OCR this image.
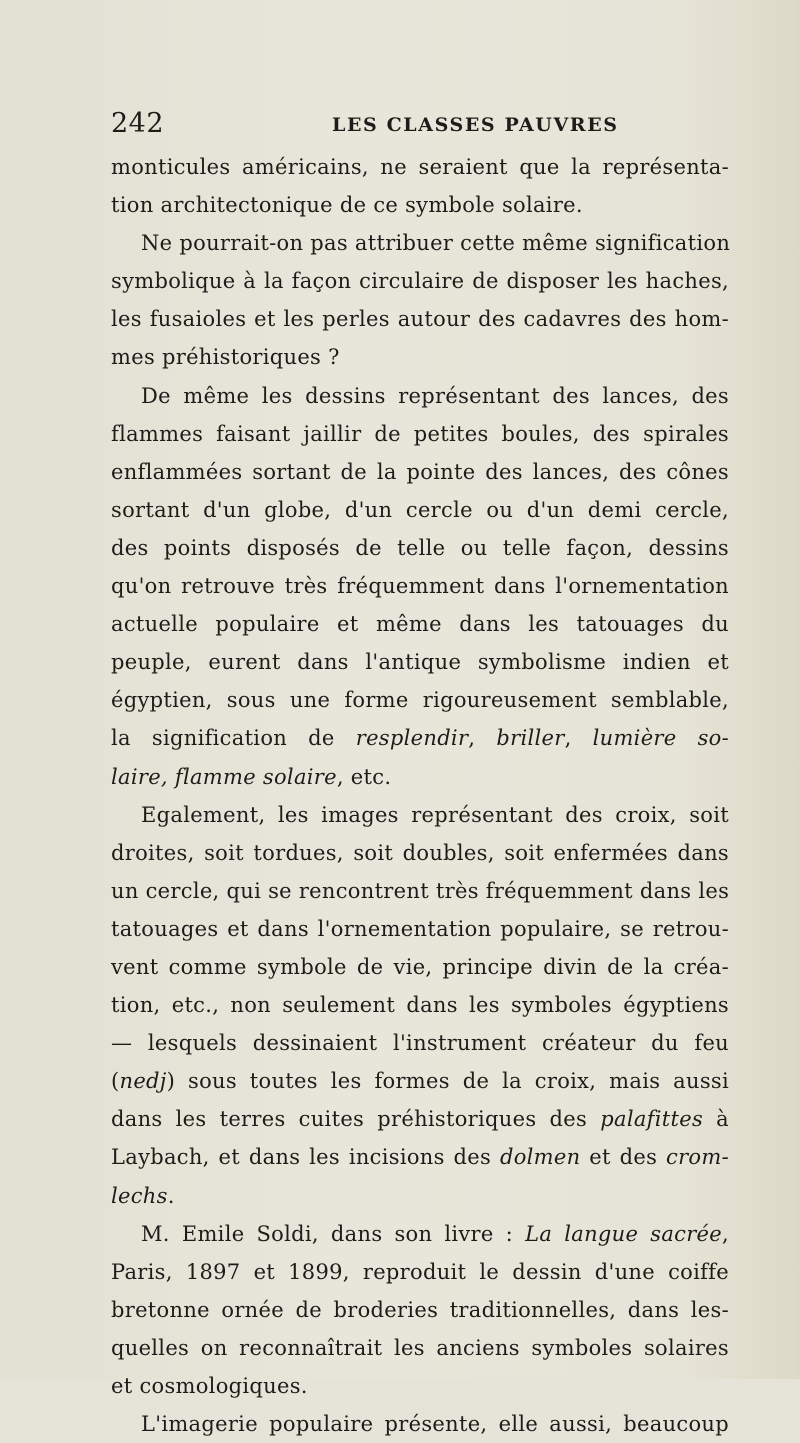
242	LES CLASSES PAUVRES
monticules américains, ne seraient que la représenta-
tion architectonique de ce symbole solaire.
Ne pourrait-on pas attribuer cette même signification
symbolique à la façon circulaire de disposer les haches,
les fusaioles et les perles autour des cadavres des hom-
mes préhistoriques ?
De même les dessins représentant des lances, des
flammes faisant jaillir de petites boules, des spirales
enflammées sortant de la pointe des lances, des cônes
sortant d'un globe, d'un cercle ou d'un demi cercle,
des points disposés de telle ou telle façon, dessins
qu'on retrouve très fréquemment dans l'ornementation
actuelle populaire et même dans les tatouages du
peuple, eurent dans l'antique symbolisme indien et
égyptien, sous une forme rigoureusement semblable,
la signification de resplendir, briller, lumière so-
laire, flamme solaire, etc.
Egalement, les images représentant des croix, soit
droites, soit tordues, soit doubles, soit enfermées dans
un cercle, qui se rencontrent très fréquemment dans les
tatouages et dans l'ornementation populaire, se retrou-
vent comme symbole de vie, principe divin de la créa-
tion, etc., non seulement dans les symboles égyptiens
— lesquels dessinaient l'instrument créateur du feu
(nedj) sous toutes les formes de la croix, mais aussi
dans les terres cuites préhistoriques des palafittes à
Laybach, et dans les incisions des dolmen et des crom-
lechs.
M. Emile Soldi, dans son livre : La langue sacrée,
Paris, 1897 et 1899, reproduit le dessin d'une coiffe
bretonne ornée de broderies traditionnelles, dans les-
quelles on reconnaîtrait les anciens symboles solaires
et cosmologiques.
L'imagerie populaire présente, elle aussi, beaucoup
